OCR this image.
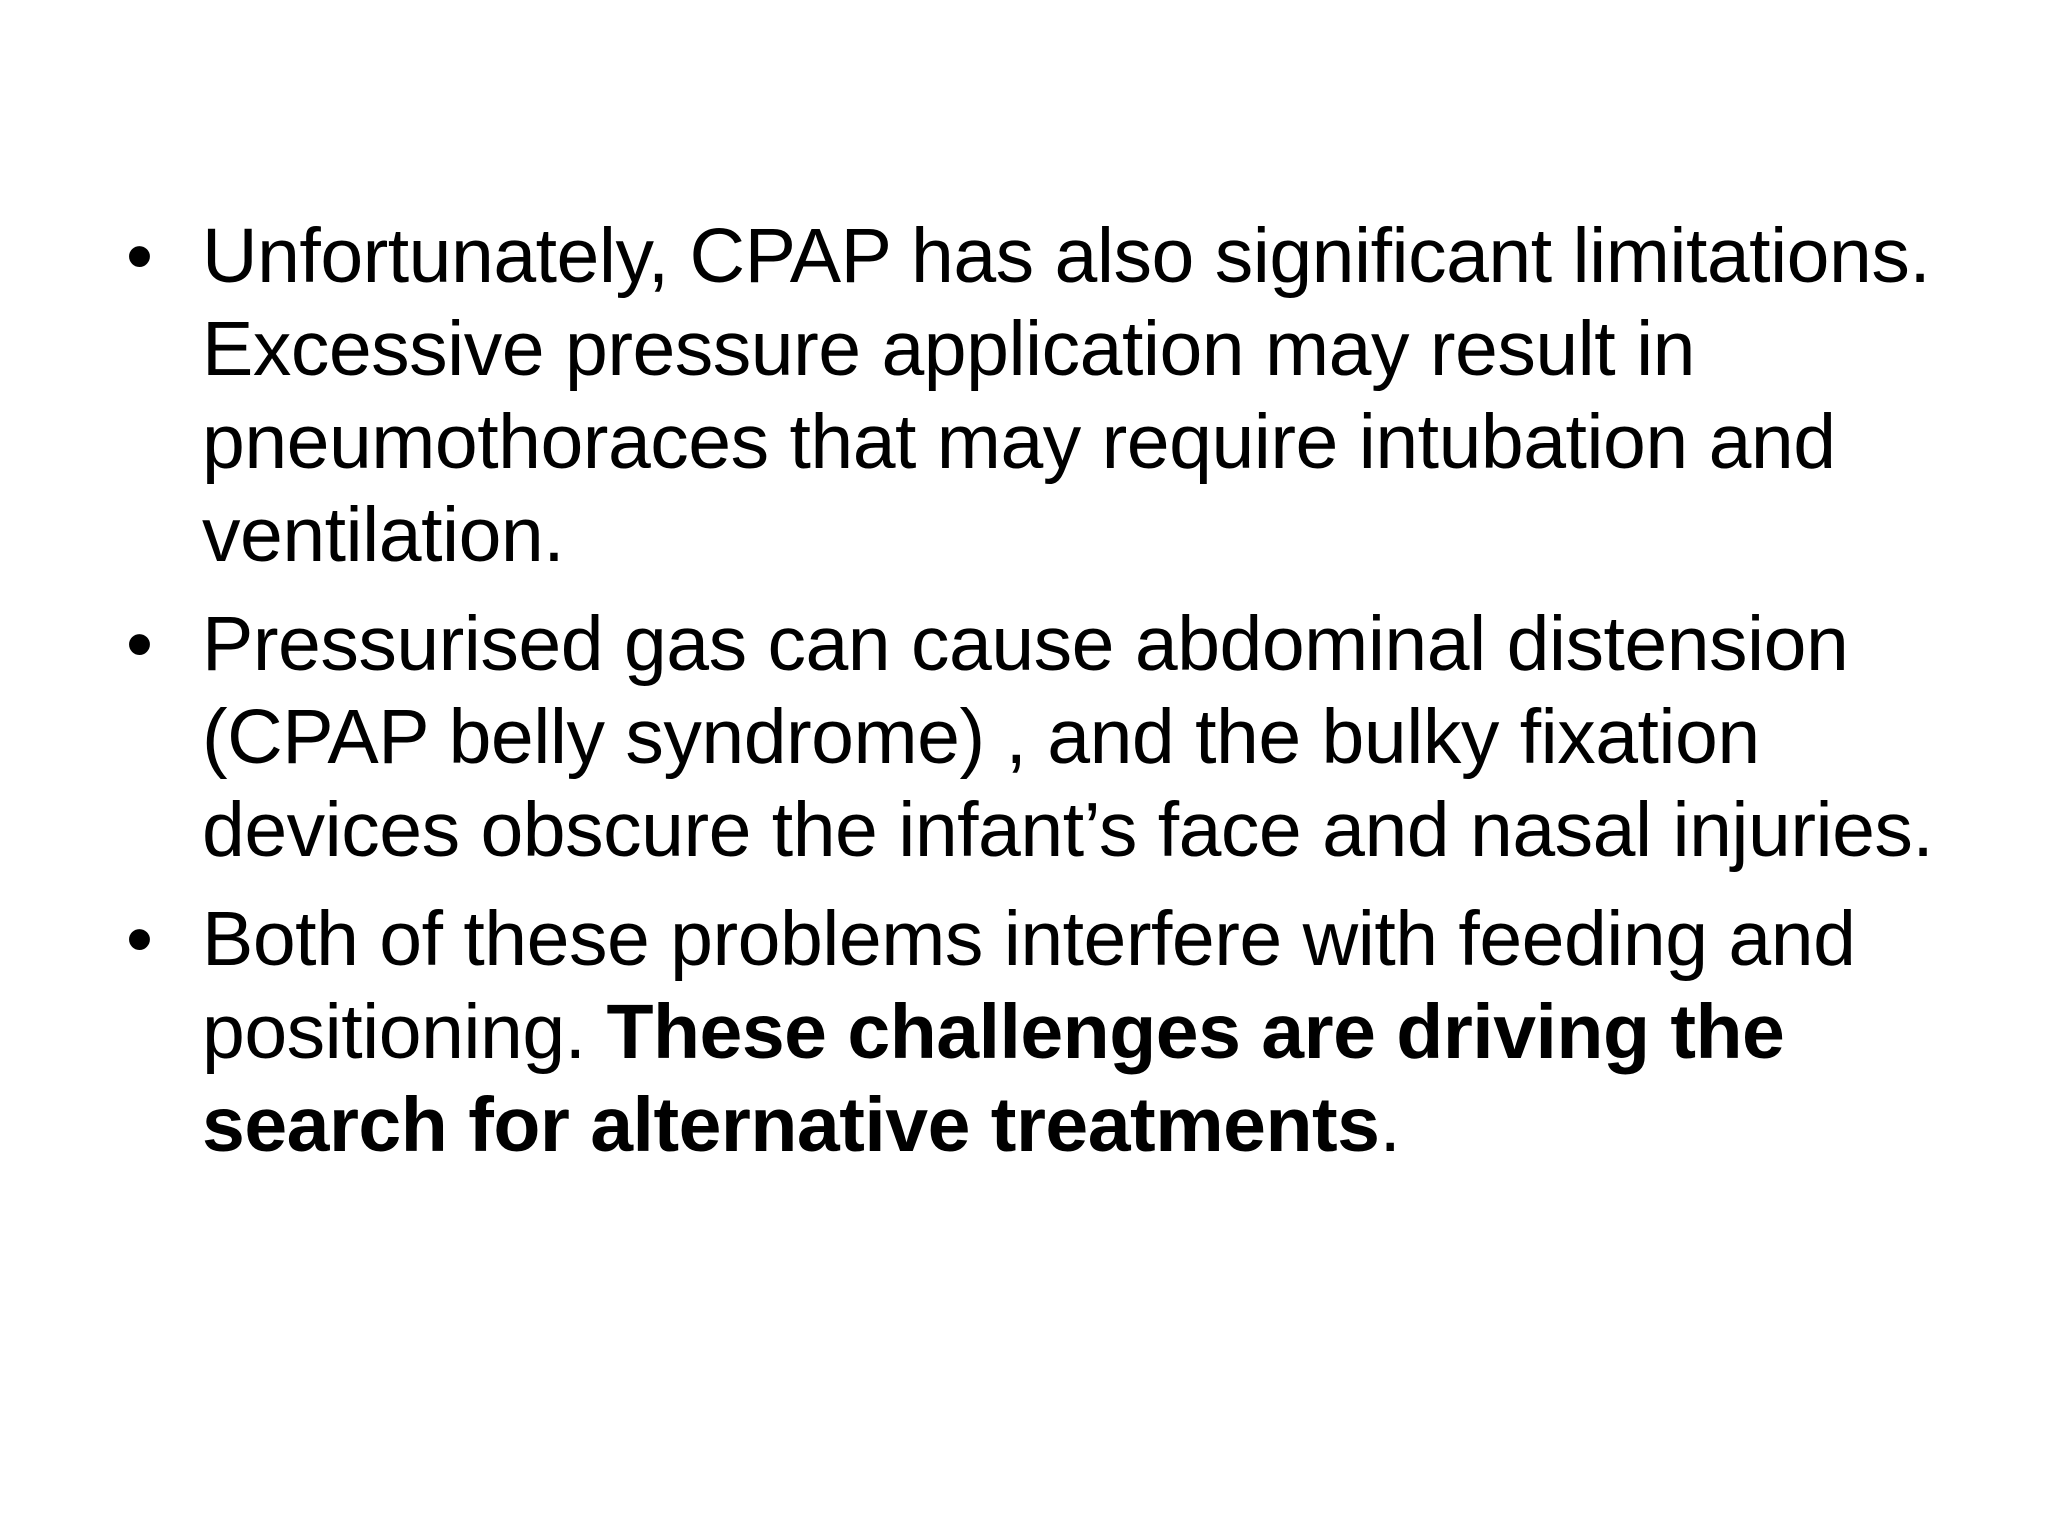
• Unfortunately, CPAP has also significant limitations. Excessive pressure application may result in pneumothoraces that may require intubation and ventilation.
• Pressurised gas can cause abdominal distension (CPAP belly syndrome) , and the bulky fixation devices obscure the infant’s face and nasal injuries.
• Both of these problems interfere with feeding and positioning. These challenges are driving the search for alternative treatments.
